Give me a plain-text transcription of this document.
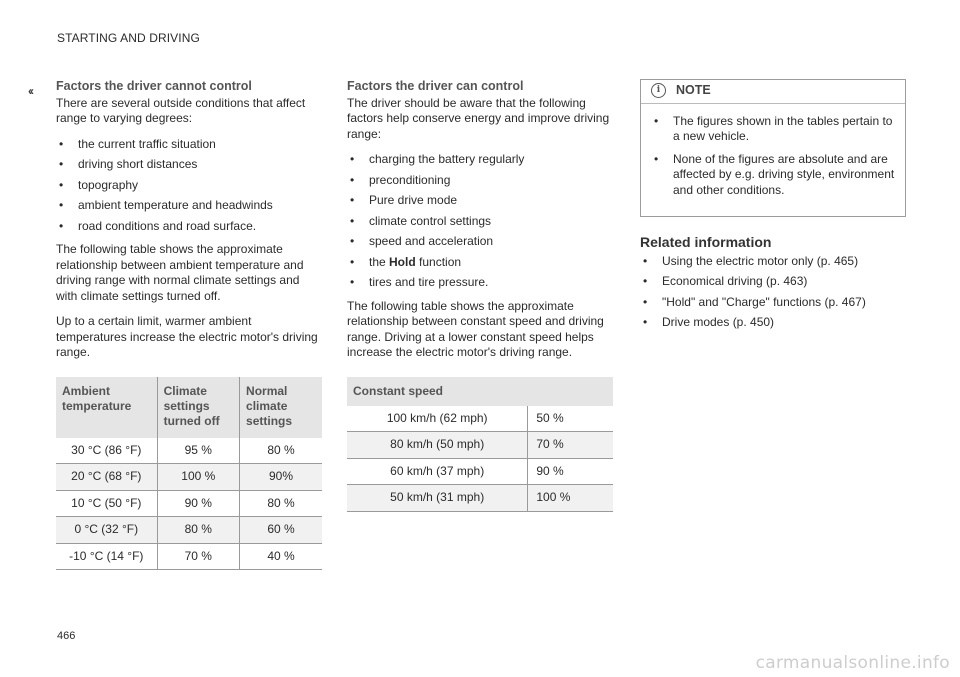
STARTING AND DRIVING
‹‹ Factors the driver cannot control

There are several outside conditions that affect range to varying degrees:

• the current traffic situation
• driving short distances
• topography
• ambient temperature and headwinds
• road conditions and road surface.

The following table shows the approximate relationship between ambient temperature and driving range with normal climate settings and with climate settings turned off.

Up to a certain limit, warmer ambient temperatures increase the electric motor's driving range.

Ambient temperature	Climate settings turned off	Normal climate settings
30 °C (86 °F)	95 %	80 %
20 °C (68 °F)	100 %	90%
10 °C (50 °F)	90 %	80 %
0 °C (32 °F)	80 %	60 %
-10 °C (14 °F)	70 %	40 %
Factors the driver can control

The driver should be aware that the following factors help conserve energy and improve driving range:

• charging the battery regularly
• preconditioning
• Pure drive mode
• climate control settings
• speed and acceleration
• the Hold function
• tires and tire pressure.

The following table shows the approximate relationship between constant speed and driving range. Driving at a lower constant speed helps increase the electric motor's driving range.

Constant speed	
100 km/h (62 mph)	50 %
80 km/h (50 mph)	70 %
60 km/h (37 mph)	90 %
50 km/h (31 mph)	100 %
i	NOTE
• The figures shown in the tables pertain to a new vehicle.
• None of the figures are absolute and are affected by e.g. driving style, environment and other conditions.
Related information
• Using the electric motor only (p. 465)
• Economical driving (p. 463)
• "Hold" and "Charge" functions (p. 467)
• Drive modes (p. 450)
466
carmanualsonline.info
